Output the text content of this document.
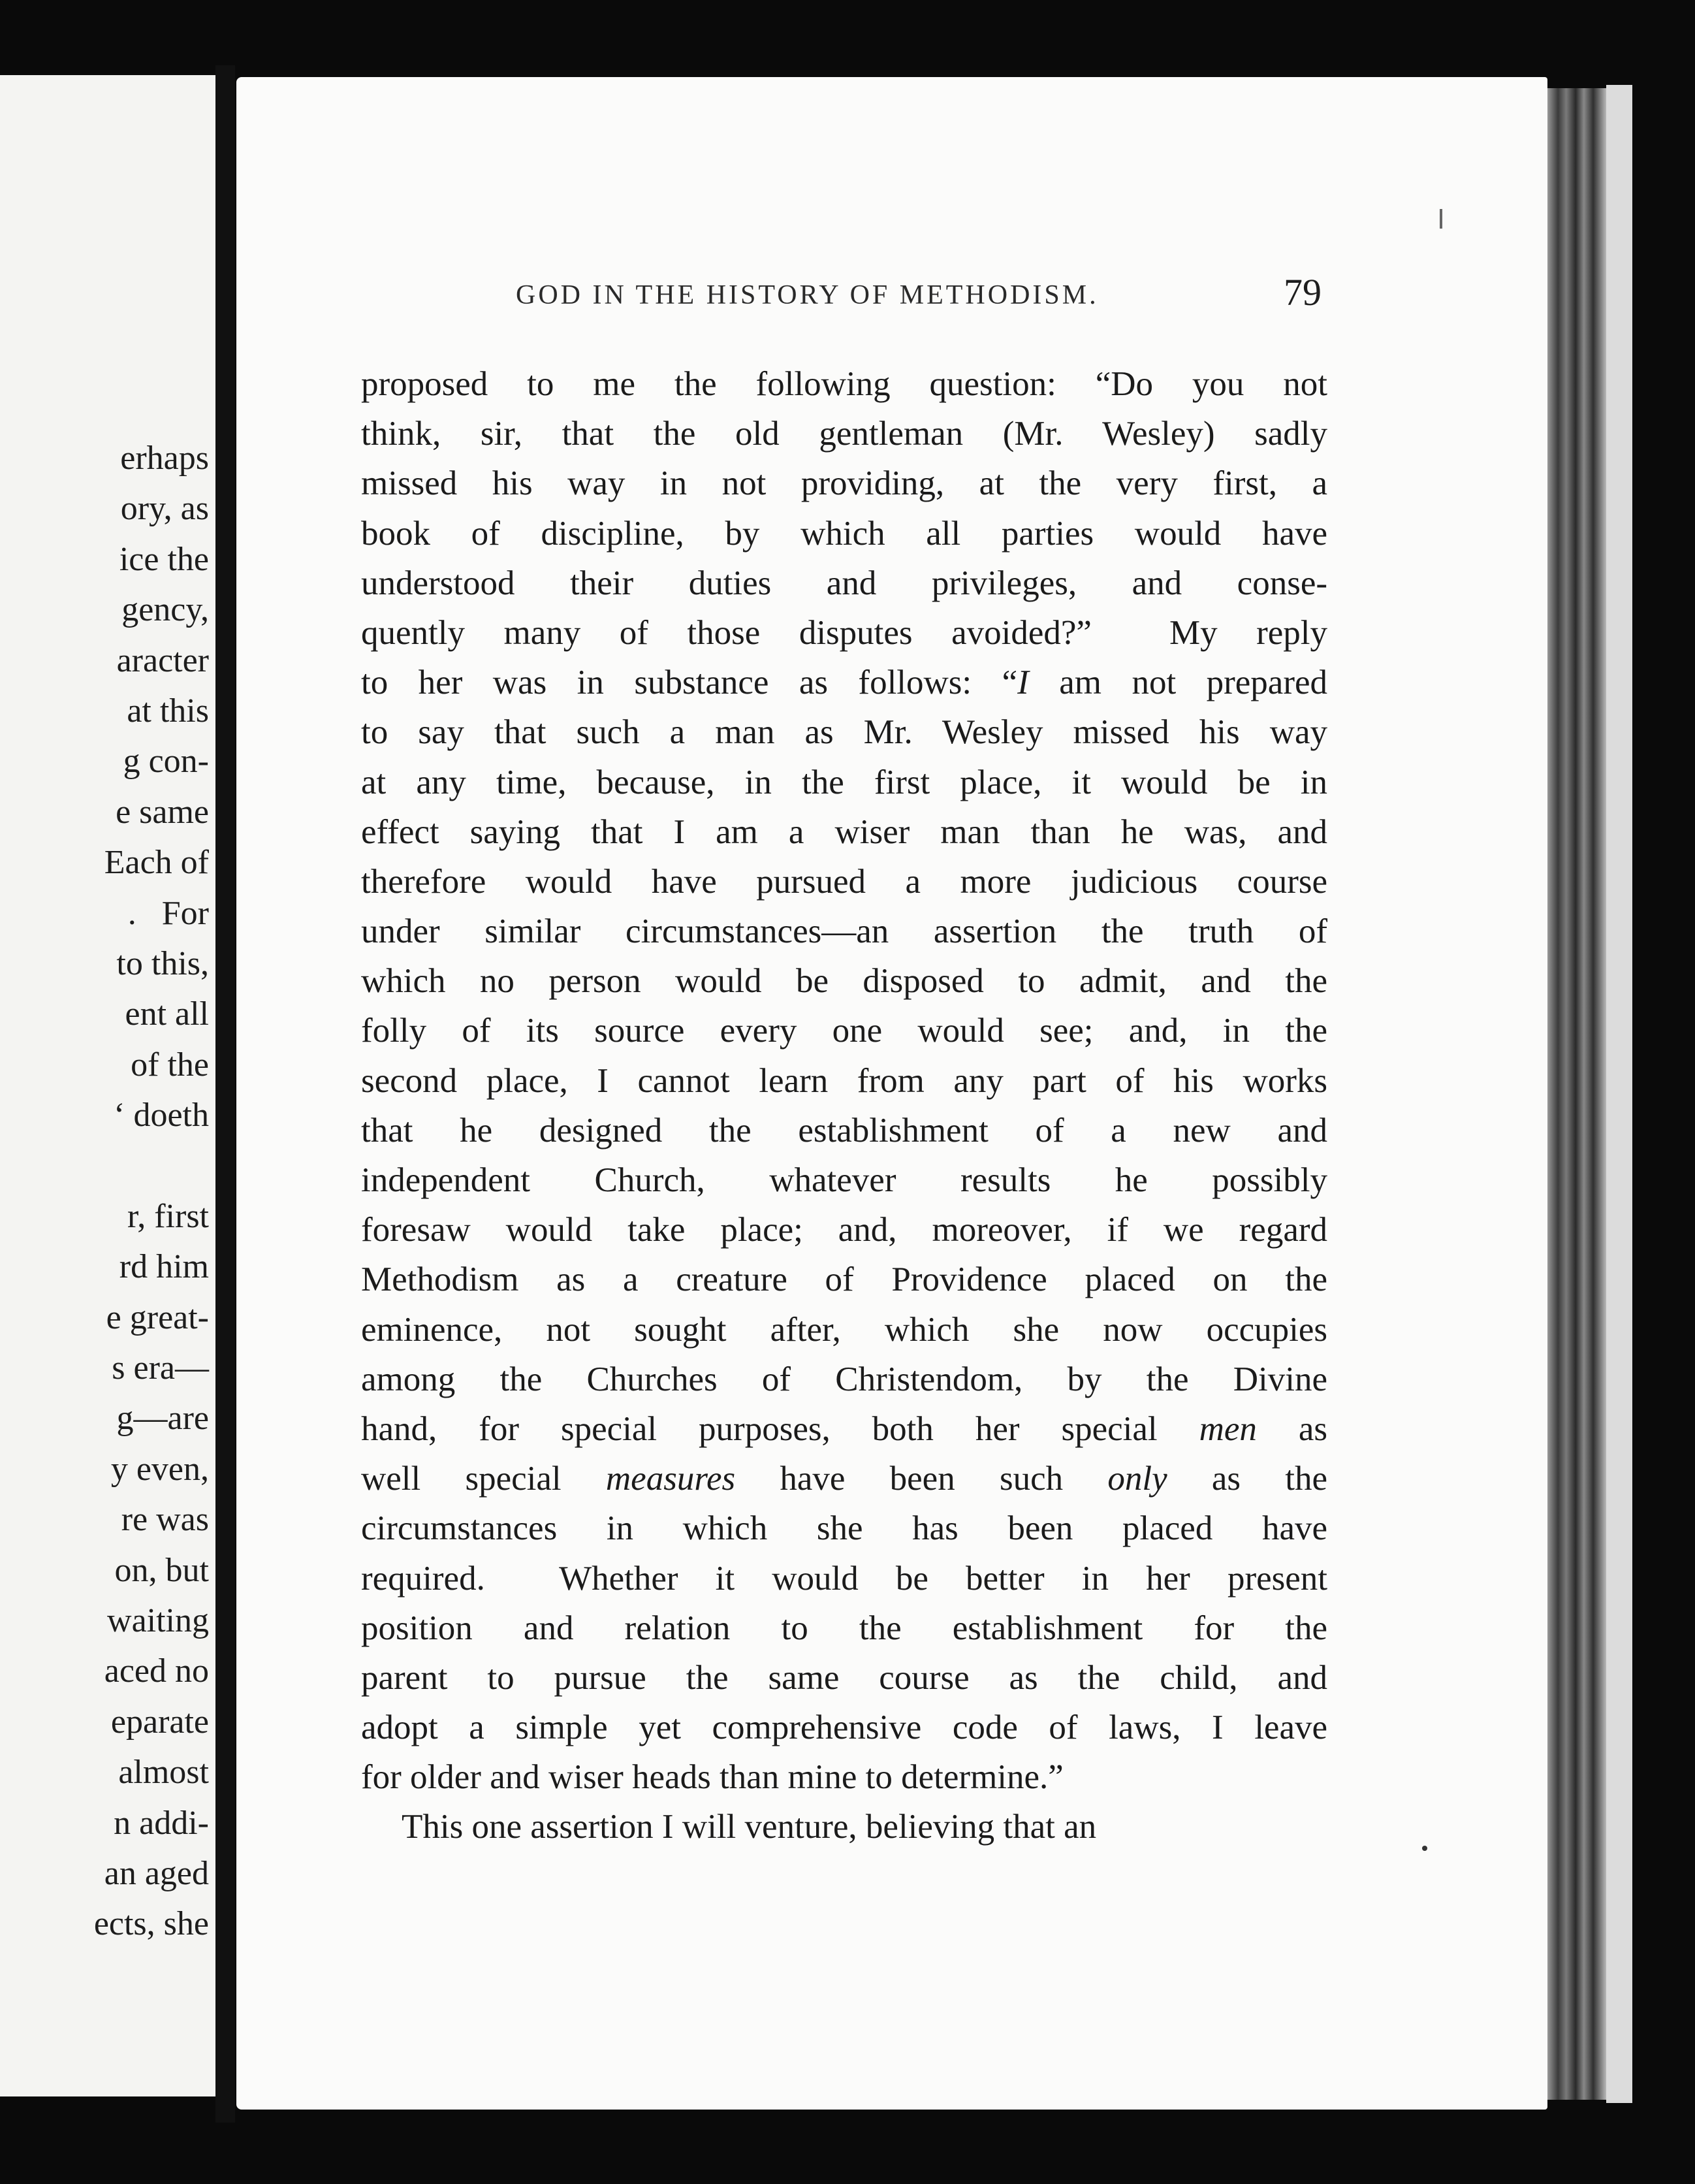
erhaps
ory, as
ice the
gency,
aracter
at this
g con-
e same
Each of
.   For
to this,
ent all
of the
‘ doeth
r, first
rd him
e great-
s era—
g—are
y even,
re was
on, but
waiting
aced no
eparate
almost
n addi-
an aged
ects, she
GOD IN THE HISTORY OF METHODISM.	79
proposed to me the following question: “Do you not
think, sir, that the old gentleman (Mr. Wesley) sadly
missed his way in not providing, at the very first, a
book of discipline, by which all parties would have
understood their duties and privileges, and conse-
quently many of those disputes avoided?”  My reply
to her was in substance as follows: “I am not prepared
to say that such a man as Mr. Wesley missed his way
at any time, because, in the first place, it would be in
effect saying that I am a wiser man than he was, and
therefore would have pursued a more judicious course
under similar circumstances—an assertion the truth of
which no person would be disposed to admit, and the
folly of its source every one would see; and, in the
second place, I cannot learn from any part of his works
that he designed the establishment of a new and
independent Church, whatever results he possibly
foresaw would take place; and, moreover, if we regard
Methodism as a creature of Providence placed on the
eminence, not sought after, which she now occupies
among the Churches of Christendom, by the Divine
hand, for special purposes, both her special men as
well special measures have been such only as the
circumstances in which she has been placed have
required.  Whether it would be better in her present
position and relation to the establishment for the
parent to pursue the same course as the child, and
adopt a simple yet comprehensive code of laws, I leave
for older and wiser heads than mine to determine.”
This one assertion I will venture, believing that an
